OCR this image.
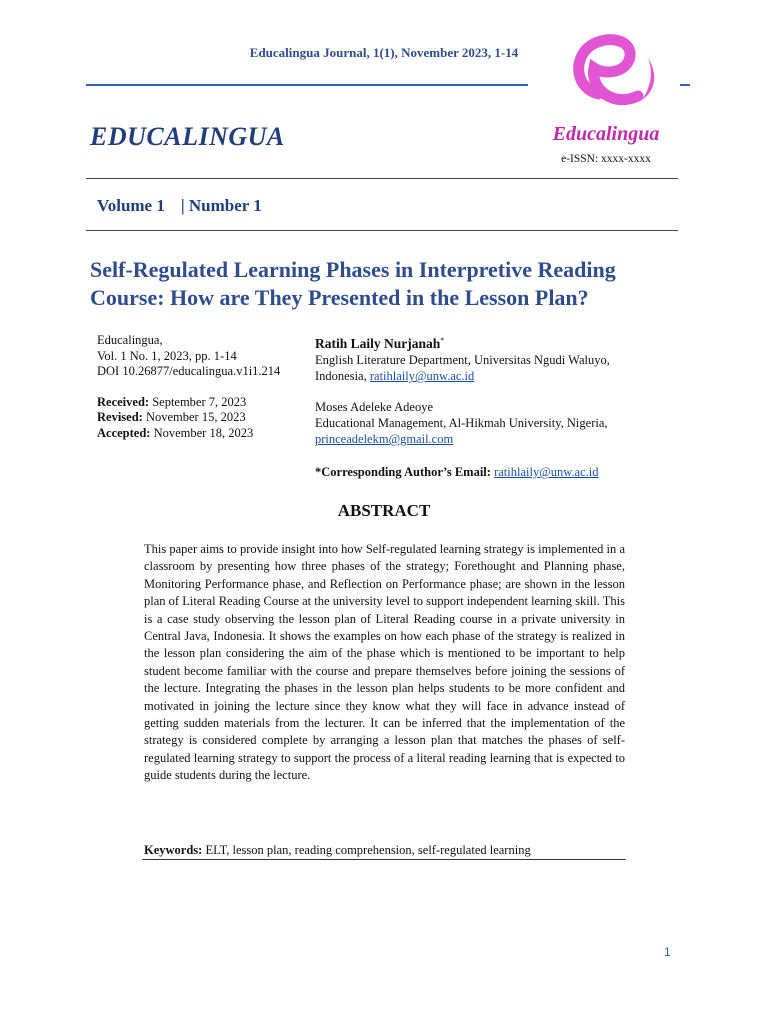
Educalingua Journal, 1(1), November 2023, 1-14
Educalingua
e-ISSN: xxxx-xxxx
EDUCALINGUA
Volume 1 | Number 1
Self-Regulated Learning Phases in Interpretive Reading Course: How are They Presented in the Lesson Plan?
Educalingua,
Vol. 1 No. 1, 2023, pp. 1-14
DOI 10.26877/educalingua.v1i1.214
Received: September 7, 2023
Revised: November 15, 2023
Accepted: November 18, 2023
Ratih Laily Nurjanah*
English Literature Department, Universitas Ngudi Waluyo,
Indonesia, ratihlaily@unw.ac.id
Moses Adeleke Adeoye
Educational Management, Al-Hikmah University, Nigeria,
princeadelekm@gmail.com
*Corresponding Author’s Email: ratihlaily@unw.ac.id
ABSTRACT
This paper aims to provide insight into how Self-regulated learning strategy is implemented in a classroom by presenting how three phases of the strategy; Forethought and Planning phase, Monitoring Performance phase, and Reflection on Performance phase; are shown in the lesson plan of Literal Reading Course at the university level to support independent learning skill. This is a case study observing the lesson plan of Literal Reading course in a private university in Central Java, Indonesia. It shows the examples on how each phase of the strategy is realized in the lesson plan considering the aim of the phase which is mentioned to be important to help student become familiar with the course and prepare themselves before joining the sessions of the lecture. Integrating the phases in the lesson plan helps students to be more confident and motivated in joining the lecture since they know what they will face in advance instead of getting sudden materials from the lecturer. It can be inferred that the implementation of the strategy is considered complete by arranging a lesson plan that matches the phases of self-regulated learning strategy to support the process of a literal reading learning that is expected to guide students during the lecture.
Keywords: ELT, lesson plan, reading comprehension, self-regulated learning
1
